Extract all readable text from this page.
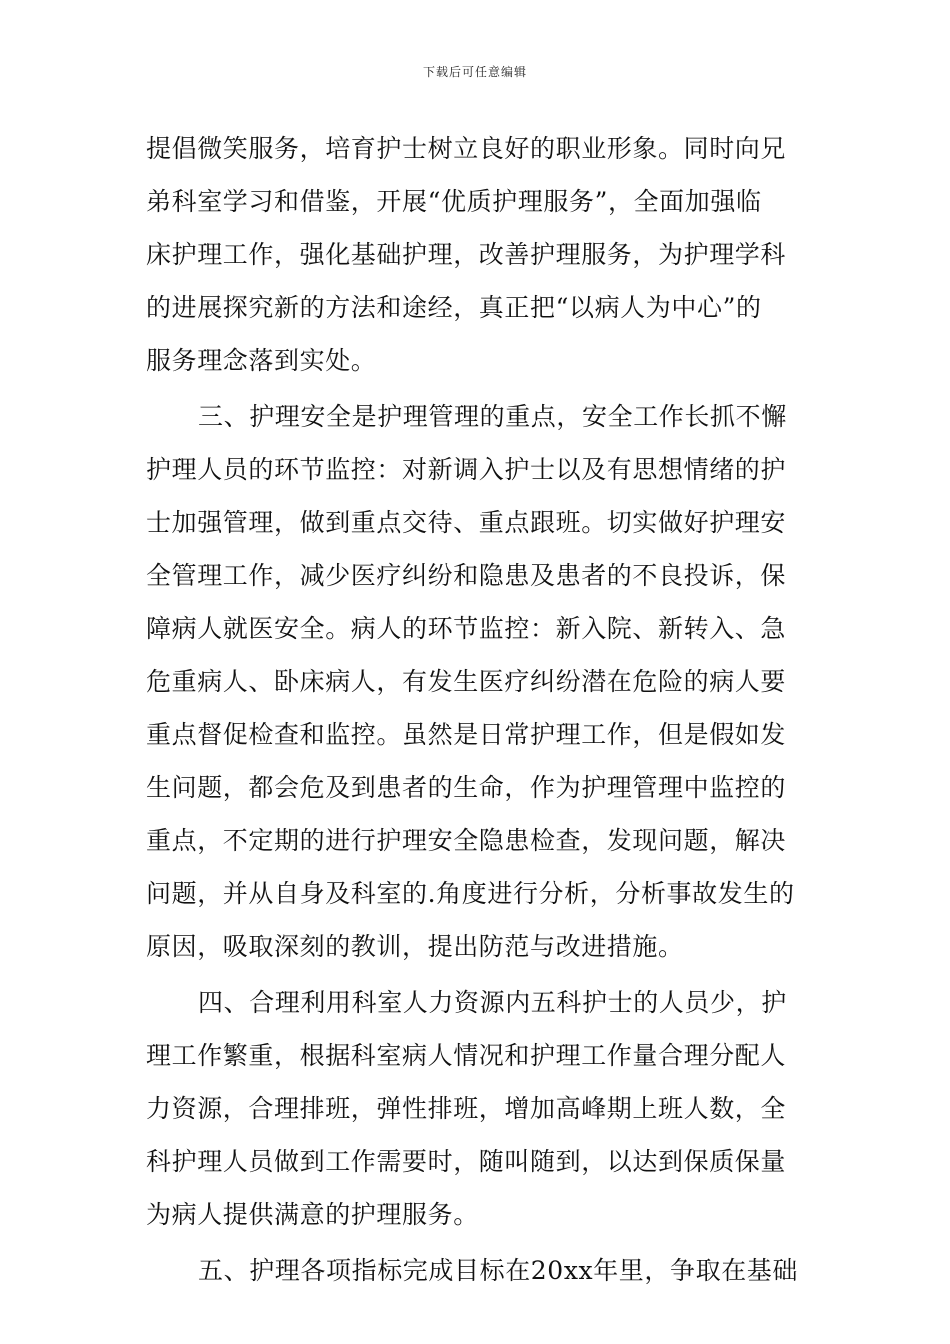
下载后可任意编辑
提倡微笑服务，培育护士树立良好的职业形象。同时向兄
弟科室学习和借鉴，开展“优质护理服务”，全面加强临
床护理工作，强化基础护理，改善护理服务，为护理学科
的进展探究新的方法和途经，真正把“以病人为中心”的
服务理念落到实处。
三、护理安全是护理管理的重点，安全工作长抓不懈
护理人员的环节监控：对新调入护士以及有思想情绪的护
士加强管理，做到重点交待、重点跟班。切实做好护理安
全管理工作，减少医疗纠纷和隐患及患者的不良投诉，保
障病人就医安全。病人的环节监控：新入院、新转入、急
危重病人、卧床病人，有发生医疗纠纷潜在危险的病人要
重点督促检查和监控。虽然是日常护理工作，但是假如发
生问题，都会危及到患者的生命，作为护理管理中监控的
重点，不定期的进行护理安全隐患检查，发现问题，解决
问题，并从自身及科室的.角度进行分析，分析事故发生的
原因，吸取深刻的教训，提出防范与改进措施。
四、合理利用科室人力资源内五科护士的人员少，护
理工作繁重，根据科室病人情况和护理工作量合理分配人
力资源，合理排班，弹性排班，增加高峰期上班人数，全
科护理人员做到工作需要时，随叫随到，以达到保质保量
为病人提供满意的护理服务。
五、护理各项指标完成目标在20xx年里，争取在基础
